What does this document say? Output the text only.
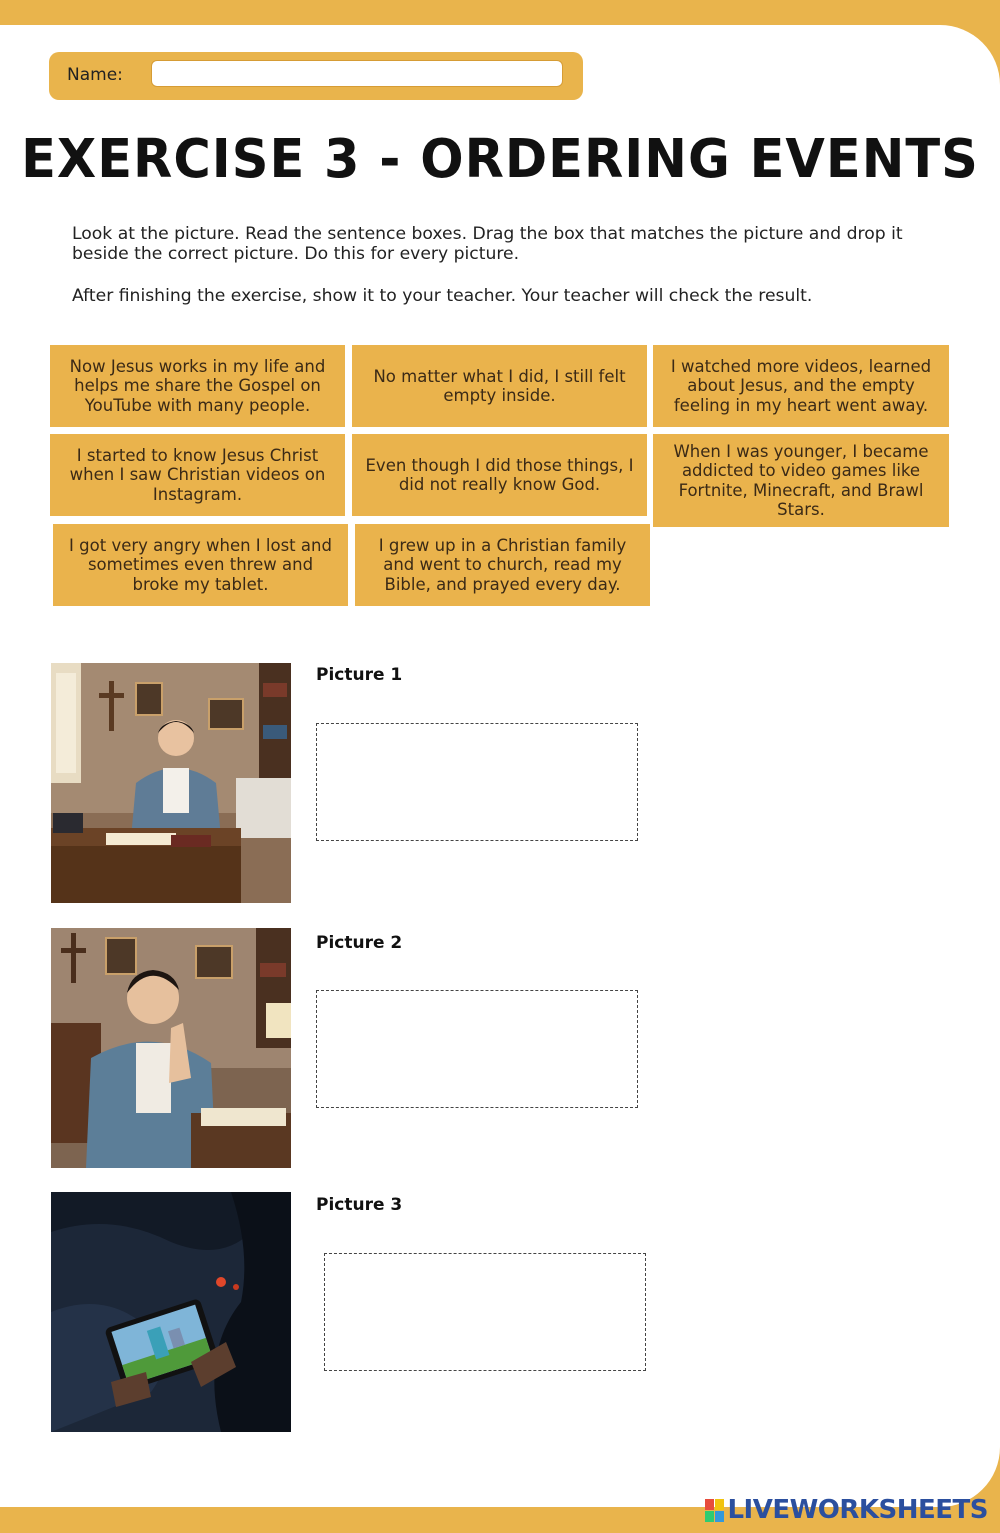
Name:
EXERCISE 3 - ORDERING EVENTS
Look at the picture. Read the sentence boxes. Drag the box that matches the picture and drop it beside the correct picture. Do this for every picture.
After finishing the exercise, show it to your teacher. Your teacher will check the result.
Now Jesus works in my life and helps me share the Gospel on YouTube with many people.
No matter what I did, I still felt empty inside.
I watched more videos, learned about Jesus, and the empty feeling in my heart went away.
I started to know Jesus Christ when I saw Christian videos on Instagram.
Even though I did those things, I did not really know God.
When I was younger, I became addicted to video games like Fortnite, Minecraft, and Brawl Stars.
I got very angry when I lost and sometimes even threw and broke my tablet.
I grew up in a Christian family and went to church, read my Bible, and prayed every day.
Picture 1
Picture 2
Picture 3
LIVEWORKSHEETS
